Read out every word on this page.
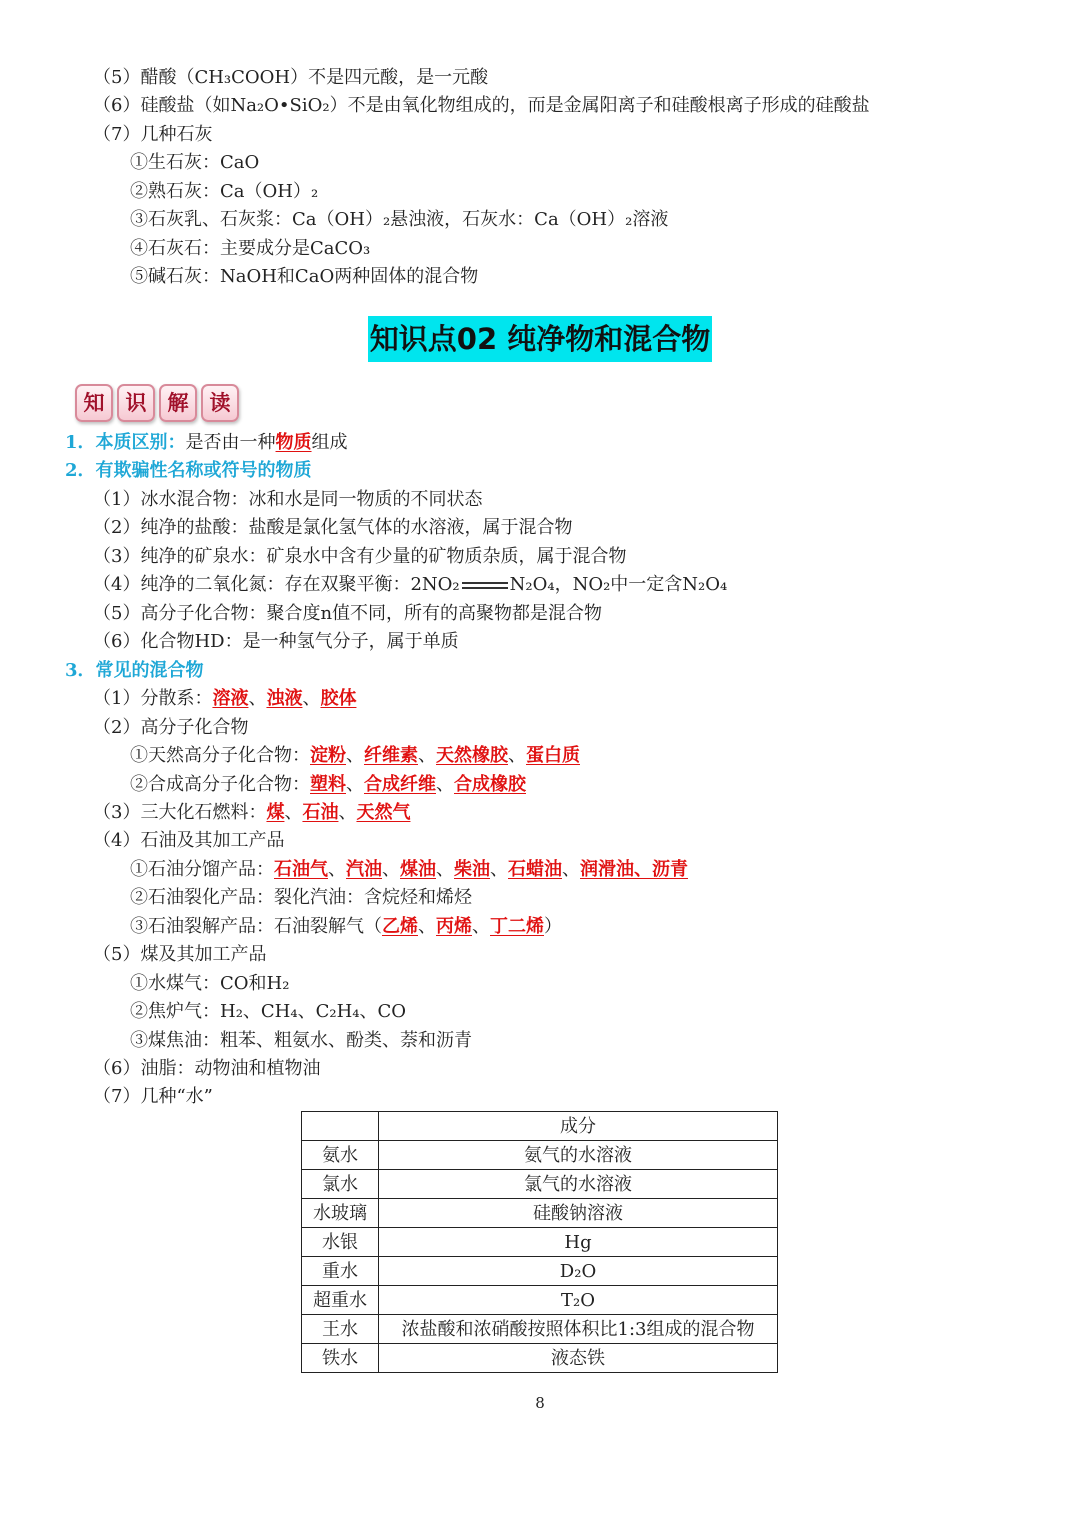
（5）醋酸（CH₃COOH）不是四元酸，是一元酸
（6）硅酸盐（如Na₂O•SiO₂）不是由氧化物组成的，而是金属阳离子和硅酸根离子形成的硅酸盐
（7）几种石灰
①生石灰：CaO
②熟石灰：Ca（OH）₂
③石灰乳、石灰浆：Ca（OH）₂悬浊液，石灰水：Ca（OH）₂溶液
④石灰石：主要成分是CaCO₃
⑤碱石灰：NaOH和CaO两种固体的混合物
知识点02 纯净物和混合物
知	识	解	读
1．本质区别：是否由一种物质组成
2．有欺骗性名称或符号的物质
（1）冰水混合物：冰和水是同一物质的不同状态
（2）纯净的盐酸：盐酸是氯化氢气体的水溶液，属于混合物
（3）纯净的矿泉水：矿泉水中含有少量的矿物质杂质，属于混合物
（4）纯净的二氧化氮：存在双聚平衡：2NO₂	N₂O₄，NO₂中一定含N₂O₄
（5）高分子化合物：聚合度n值不同，所有的高聚物都是混合物
（6）化合物HD：是一种氢气分子，属于单质
3．常见的混合物
（1）分散系：溶液、浊液、胶体
（2）高分子化合物
①天然高分子化合物：淀粉、纤维素、天然橡胶、蛋白质
②合成高分子化合物：塑料、合成纤维、合成橡胶
（3）三大化石燃料：煤、石油、天然气
（4）石油及其加工产品
①石油分馏产品：石油气、汽油、煤油、柴油、石蜡油、润滑油、沥青
②石油裂化产品：裂化汽油：含烷烃和烯烃
③石油裂解产品：石油裂解气（乙烯、丙烯、丁二烯）
（5）煤及其加工产品
①水煤气：CO和H₂
②焦炉气：H₂、CH₄、C₂H₄、CO
③煤焦油：粗苯、粗氨水、酚类、萘和沥青
（6）油脂：动物油和植物油
（7）几种“水”
	成分
氨水	氨气的水溶液
氯水	氯气的水溶液
水玻璃	硅酸钠溶液
水银	Hg
重水	D₂O
超重水	T₂O
王水	浓盐酸和浓硝酸按照体积比1:3组成的混合物
铁水	液态铁
8
